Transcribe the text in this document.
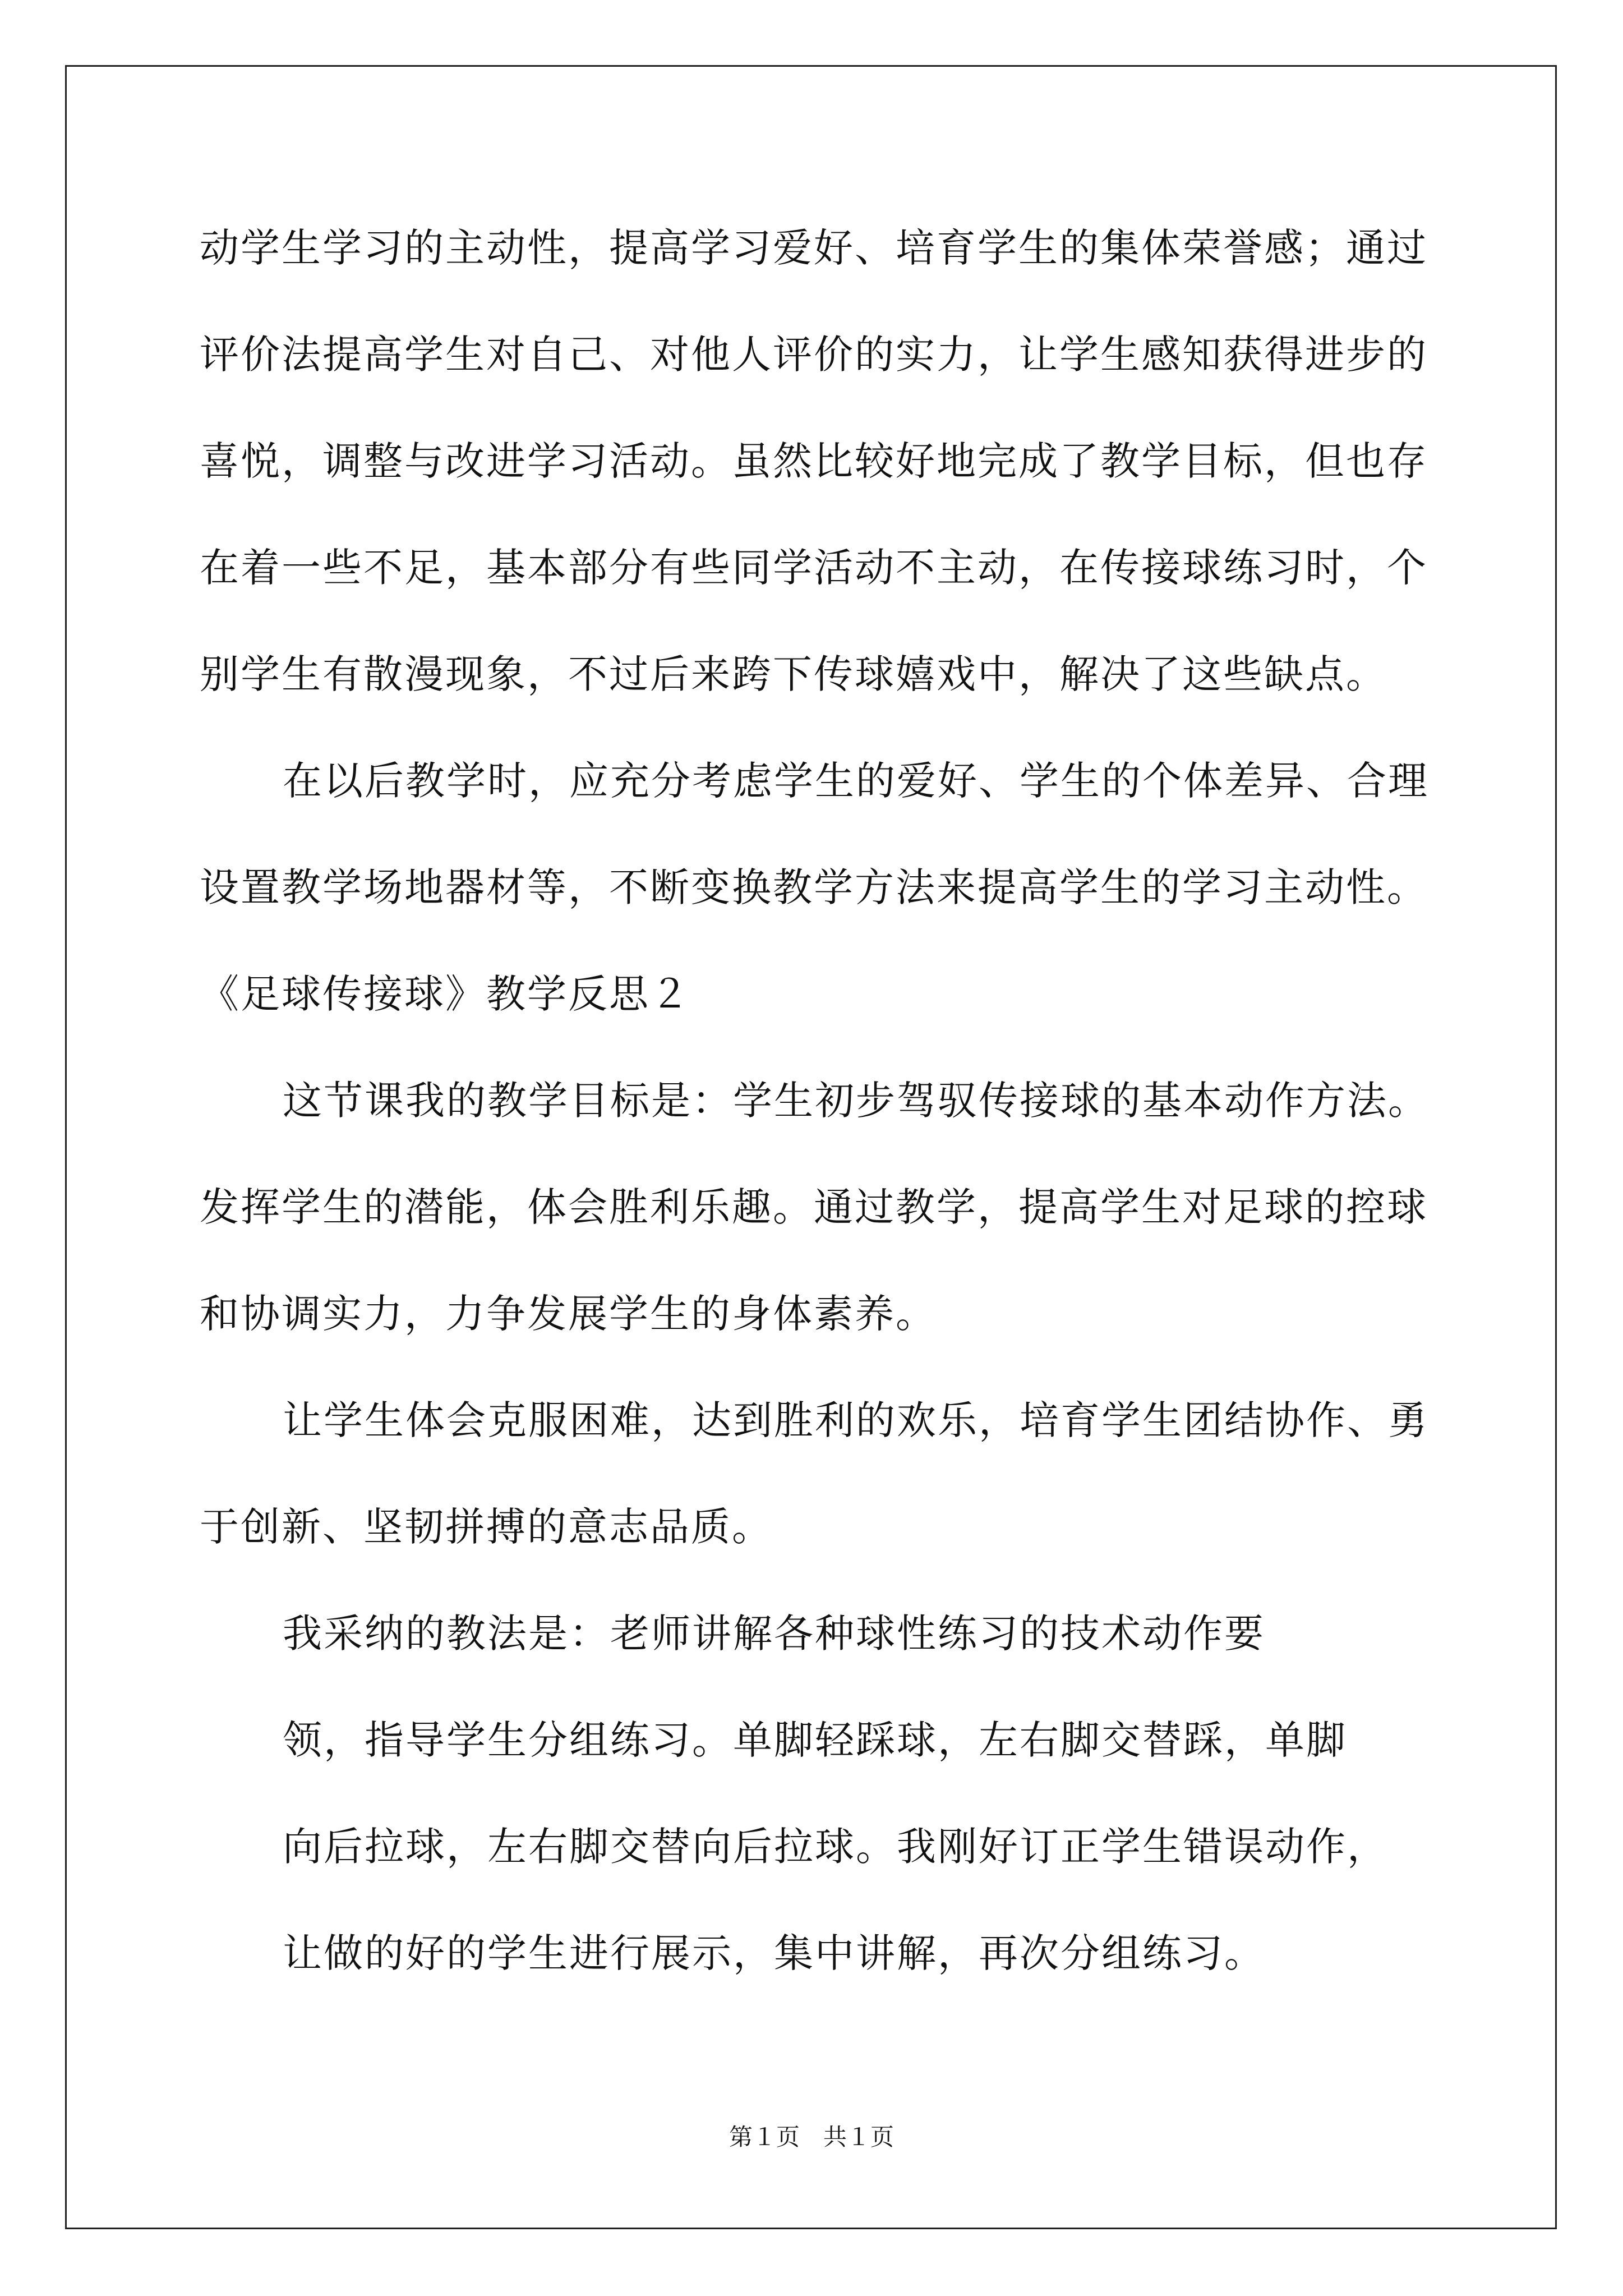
动学生学习的主动性，提高学习爱好、培育学生的集体荣誉感；通过
评价法提高学生对自己、对他人评价的实力，让学生感知获得进步的
喜悦，调整与改进学习活动。虽然比较好地完成了教学目标，但也存
在着一些不足，基本部分有些同学活动不主动，在传接球练习时，个
别学生有散漫现象，不过后来跨下传球嬉戏中，解决了这些缺点。
在以后教学时，应充分考虑学生的爱好、学生的个体差异、合理
设置教学场地器材等，不断变换教学方法来提高学生的学习主动性。
《足球传接球》教学反思２
这节课我的教学目标是：学生初步驾驭传接球的基本动作方法。
发挥学生的潜能，体会胜利乐趣。通过教学，提高学生对足球的控球
和协调实力，力争发展学生的身体素养。
让学生体会克服困难，达到胜利的欢乐，培育学生团结协作、勇
于创新、坚韧拼搏的意志品质。
我采纳的教法是：老师讲解各种球性练习的技术动作要
领，指导学生分组练习。单脚轻踩球，左右脚交替踩，单脚
向后拉球，左右脚交替向后拉球。我刚好订正学生错误动作，
让做的好的学生进行展示，集中讲解，再次分组练习。
第１页　共１页
